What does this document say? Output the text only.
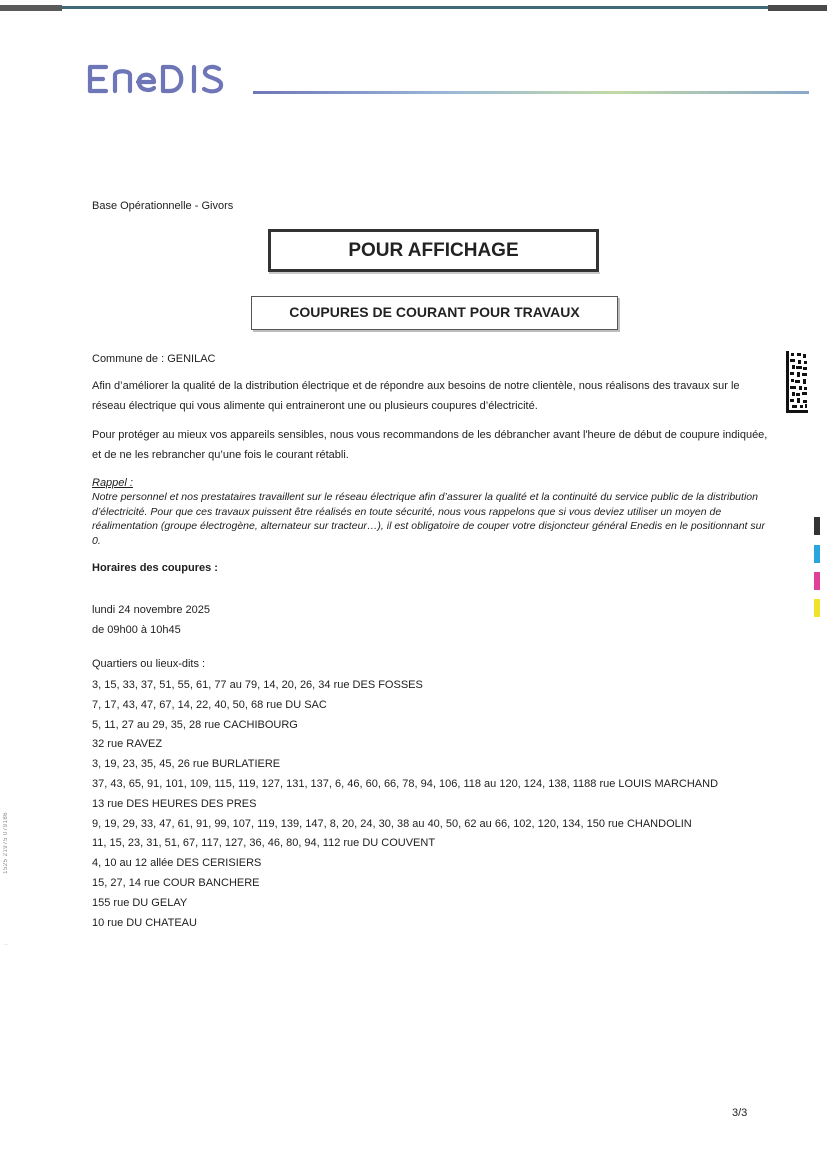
1525 21975 079186
··
Base Opérationnelle - Givors
POUR AFFICHAGE
COUPURES DE COURANT POUR TRAVAUX
Commune de : GENILAC
Afin d’améliorer la qualité de la distribution électrique et de répondre aux besoins de notre clientèle, nous réalisons des travaux sur le réseau électrique qui vous alimente qui entraineront une ou plusieurs coupures d’électricité.
Pour protéger au mieux vos appareils sensibles, nous vous recommandons de les débrancher avant l'heure de début de coupure indiquée, et de ne les rebrancher qu’une fois le courant rétabli.
Rappel :
Notre personnel et nos prestataires travaillent sur le réseau électrique afin d’assurer la qualité et la continuité du service public de la distribution d’électricité. Pour que ces travaux puissent être réalisés en toute sécurité, nous vous rappelons que si vous deviez utiliser un moyen de réalimentation (groupe électrogène, alternateur sur tracteur…), il est obligatoire de couper votre disjoncteur général Enedis en le positionnant sur 0.
Horaires des coupures :
lundi 24 novembre 2025
de 09h00 à 10h45
Quartiers ou lieux-dits :
3, 15, 33, 37, 51, 55, 61, 77 au 79, 14, 20, 26, 34 rue DES FOSSES
7, 17, 43, 47, 67, 14, 22, 40, 50, 68 rue DU SAC
5, 11, 27 au 29, 35, 28 rue CACHIBOURG
32 rue RAVEZ
3, 19, 23, 35, 45, 26 rue BURLATIERE
37, 43, 65, 91, 101, 109, 115, 119, 127, 131, 137, 6, 46, 60, 66, 78, 94, 106, 118 au 120, 124, 138, 1188 rue LOUIS MARCHAND
13 rue DES HEURES DES PRES
9, 19, 29, 33, 47, 61, 91, 99, 107, 119, 139, 147, 8, 20, 24, 30, 38 au 40, 50, 62 au 66, 102, 120, 134, 150 rue CHANDOLIN
11, 15, 23, 31, 51, 67, 117, 127, 36, 46, 80, 94, 112 rue DU COUVENT
4, 10 au 12 allée DES CERISIERS
15, 27, 14 rue COUR BANCHERE
155 rue DU GELAY
10 rue DU CHATEAU
3/3
